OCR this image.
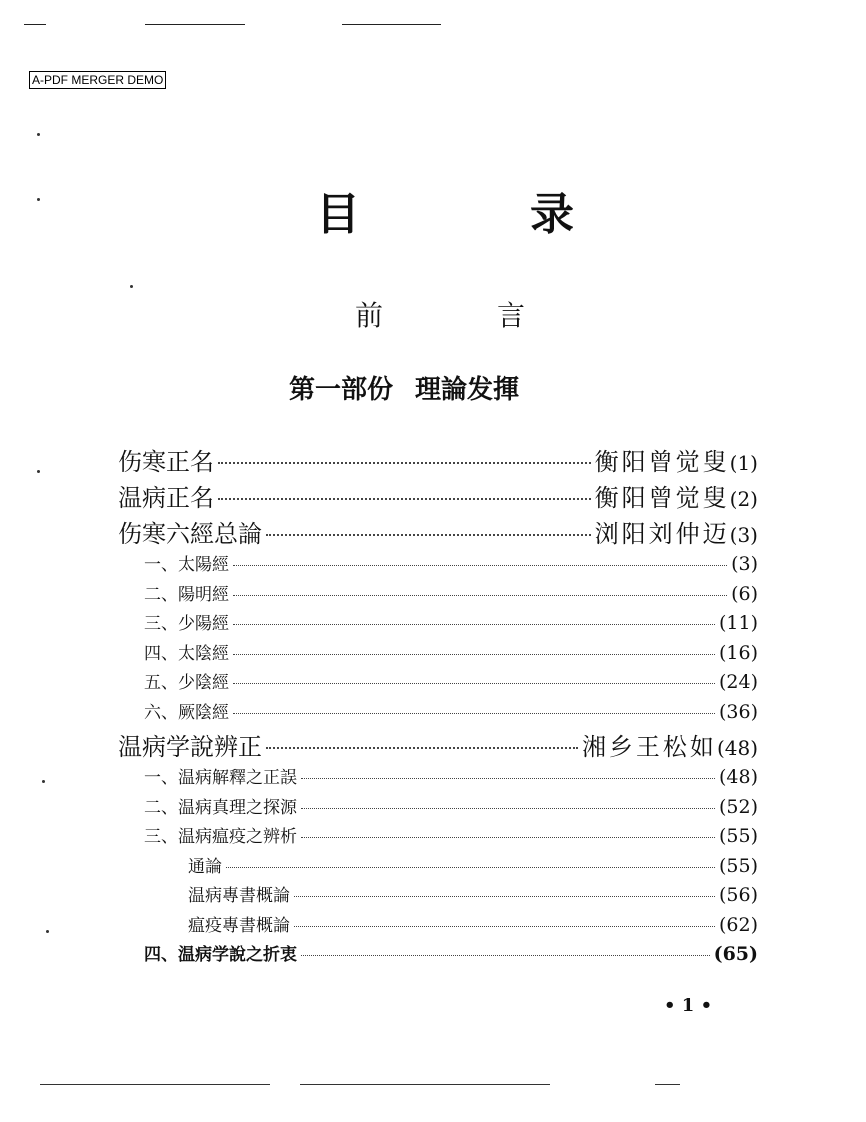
A-PDF MERGER DEMO
目	录
前	言
第一部份 理論发揮
伤寒正名	衡阳曾觉叟 (1)
温病正名	衡阳曾觉叟 (2)
伤寒六經总論	浏阳刘仲迈 (3)
一、太陽經	(3)
二、陽明經	(6)
三、少陽經	(11)
四、太陰經	(16)
五、少陰經	(24)
六、厥陰經	(36)
温病学說辨正	湘乡王松如 (48)
一、温病解釋之正誤	(48)
二、温病真理之探源	(52)
三、温病瘟疫之辨析	(55)
通論	(55)
温病專書概論	(56)
瘟疫專書概論	(62)
四、温病学說之折衷	(65)
• 1 •
